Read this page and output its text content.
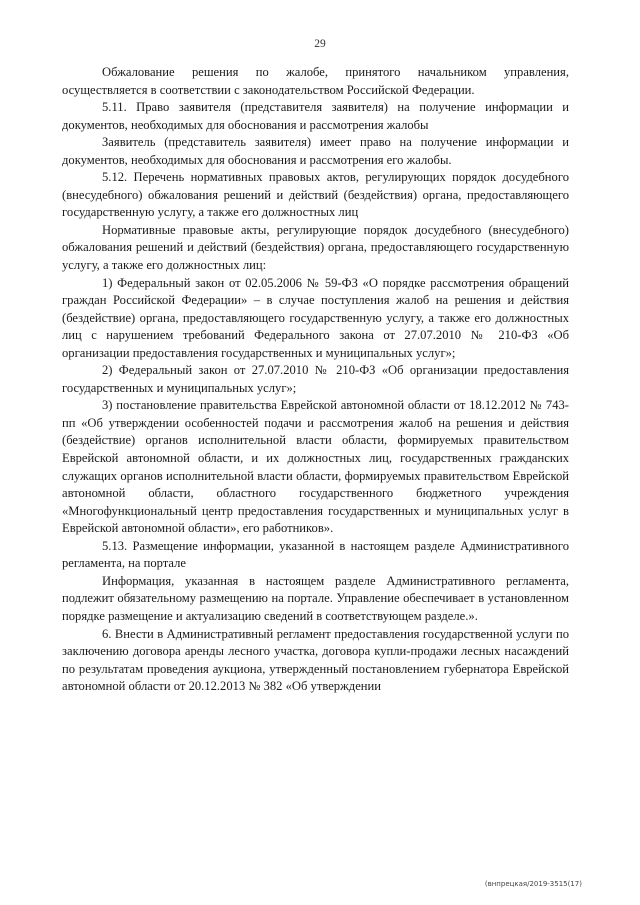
29

Обжалование решения по жалобе, принятого начальником управления, осуществляется в соответствии с законодательством Российской Федерации.

5.11. Право заявителя (представителя заявителя) на получение информации и документов, необходимых для обоснования и рассмотрения жалобы

Заявитель (представитель заявителя) имеет право на получение информации и документов, необходимых для обоснования и рассмотрения его жалобы.

5.12. Перечень нормативных правовых актов, регулирующих порядок досудебного (внесудебного) обжалования решений и действий (бездействия) органа, предоставляющего государственную услугу, а также его должностных лиц

Нормативные правовые акты, регулирующие порядок досудебного (внесудебного) обжалования решений и действий (бездействия) органа, предоставляющего государственную услугу, а также его должностных лиц:

1) Федеральный закон от 02.05.2006 № 59-ФЗ «О порядке рассмотрения обращений граждан Российской Федерации» – в случае поступления жалоб на решения и действия (бездействие) органа, предоставляющего государственную услугу, а также его должностных лиц с нарушением требований Федерального закона от 27.07.2010 № 210-ФЗ «Об организации предоставления государственных и муниципальных услуг»;

2) Федеральный закон от 27.07.2010 № 210-ФЗ «Об организации предоставления государственных и муниципальных услуг»;

3) постановление правительства Еврейской автономной области от 18.12.2012 № 743-пп «Об утверждении особенностей подачи и рассмотрения жалоб на решения и действия (бездействие) органов исполнительной власти области, формируемых правительством Еврейской автономной области, и их должностных лиц, государственных гражданских служащих органов исполнительной власти области, формируемых правительством Еврейской автономной области, областного государственного бюджетного учреждения «Многофункциональный центр предоставления государственных и муниципальных услуг в Еврейской автономной области», его работников».

5.13. Размещение информации, указанной в настоящем разделе Административного регламента, на портале

Информация, указанная в настоящем разделе Административного регламента, подлежит обязательному размещению на портале. Управление обеспечивает в установленном порядке размещение и актуализацию сведений в соответствующем разделе.».

6. Внести в Административный регламент предоставления государственной услуги по заключению договора аренды лесного участка, договора купли-продажи лесных насаждений по результатам проведения аукциона, утвержденный постановлением губернатора Еврейской автономной области от 20.12.2013 № 382 «Об утверждении

(внпрецкая/2019-3515(17)
